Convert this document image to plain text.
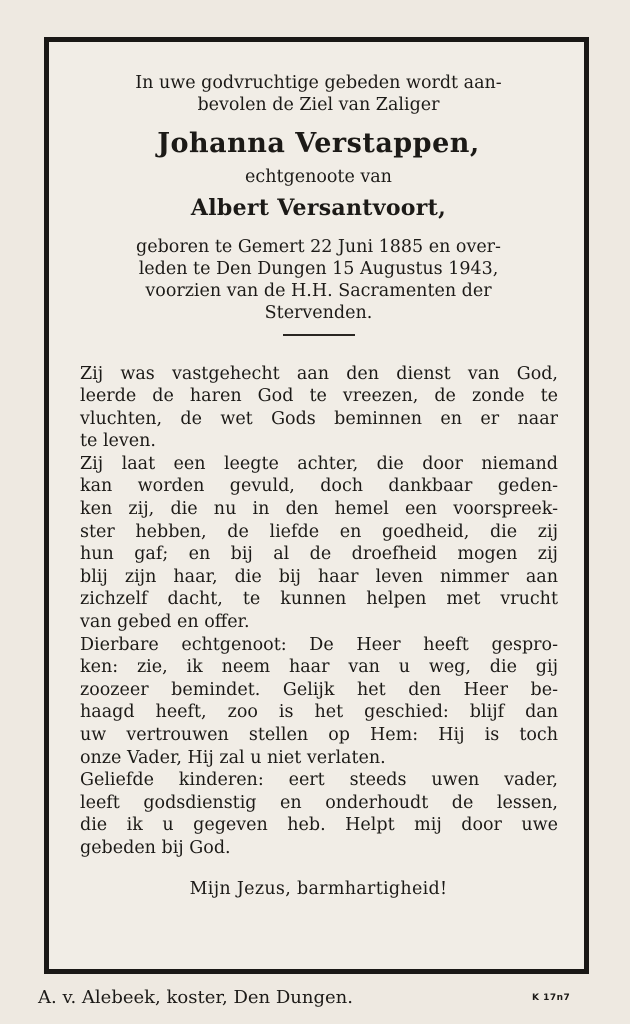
In uwe godvruchtige gebeden wordt aan-
bevolen de Ziel van Zaliger
Johanna Verstappen,
echtgenoote van
Albert Versantvoort,
geboren te Gemert 22 Juni 1885 en over-
leden te Den Dungen 15 Augustus 1943,
voorzien van de H.H. Sacramenten der
Stervenden.
Zij was vastgehecht aan den dienst van God,
leerde de haren God te vreezen, de zonde te
vluchten, de wet Gods beminnen en er naar
te leven.
Zij laat een leegte achter, die door niemand
kan worden gevuld, doch dankbaar geden-
ken zij, die nu in den hemel een voorspreek-
ster hebben, de liefde en goedheid, die zij
hun gaf; en bij al de droefheid mogen zij
blij zijn haar, die bij haar leven nimmer aan
zichzelf dacht, te kunnen helpen met vrucht
van gebed en offer.
Dierbare echtgenoot: De Heer heeft gespro-
ken: zie, ik neem haar van u weg, die gij
zoozeer bemindet. Gelijk het den Heer be-
haagd heeft, zoo is het geschied: blijf dan
uw vertrouwen stellen op Hem: Hij is toch
onze Vader, Hij zal u niet verlaten.
Geliefde kinderen: eert steeds uwen vader,
leeft godsdienstig en onderhoudt de lessen,
die ik u gegeven heb. Helpt mij door uwe
gebeden bij God.
Mijn Jezus, barmhartigheid!
A. v. Alebeek, koster, Den Dungen.	K 17n7
